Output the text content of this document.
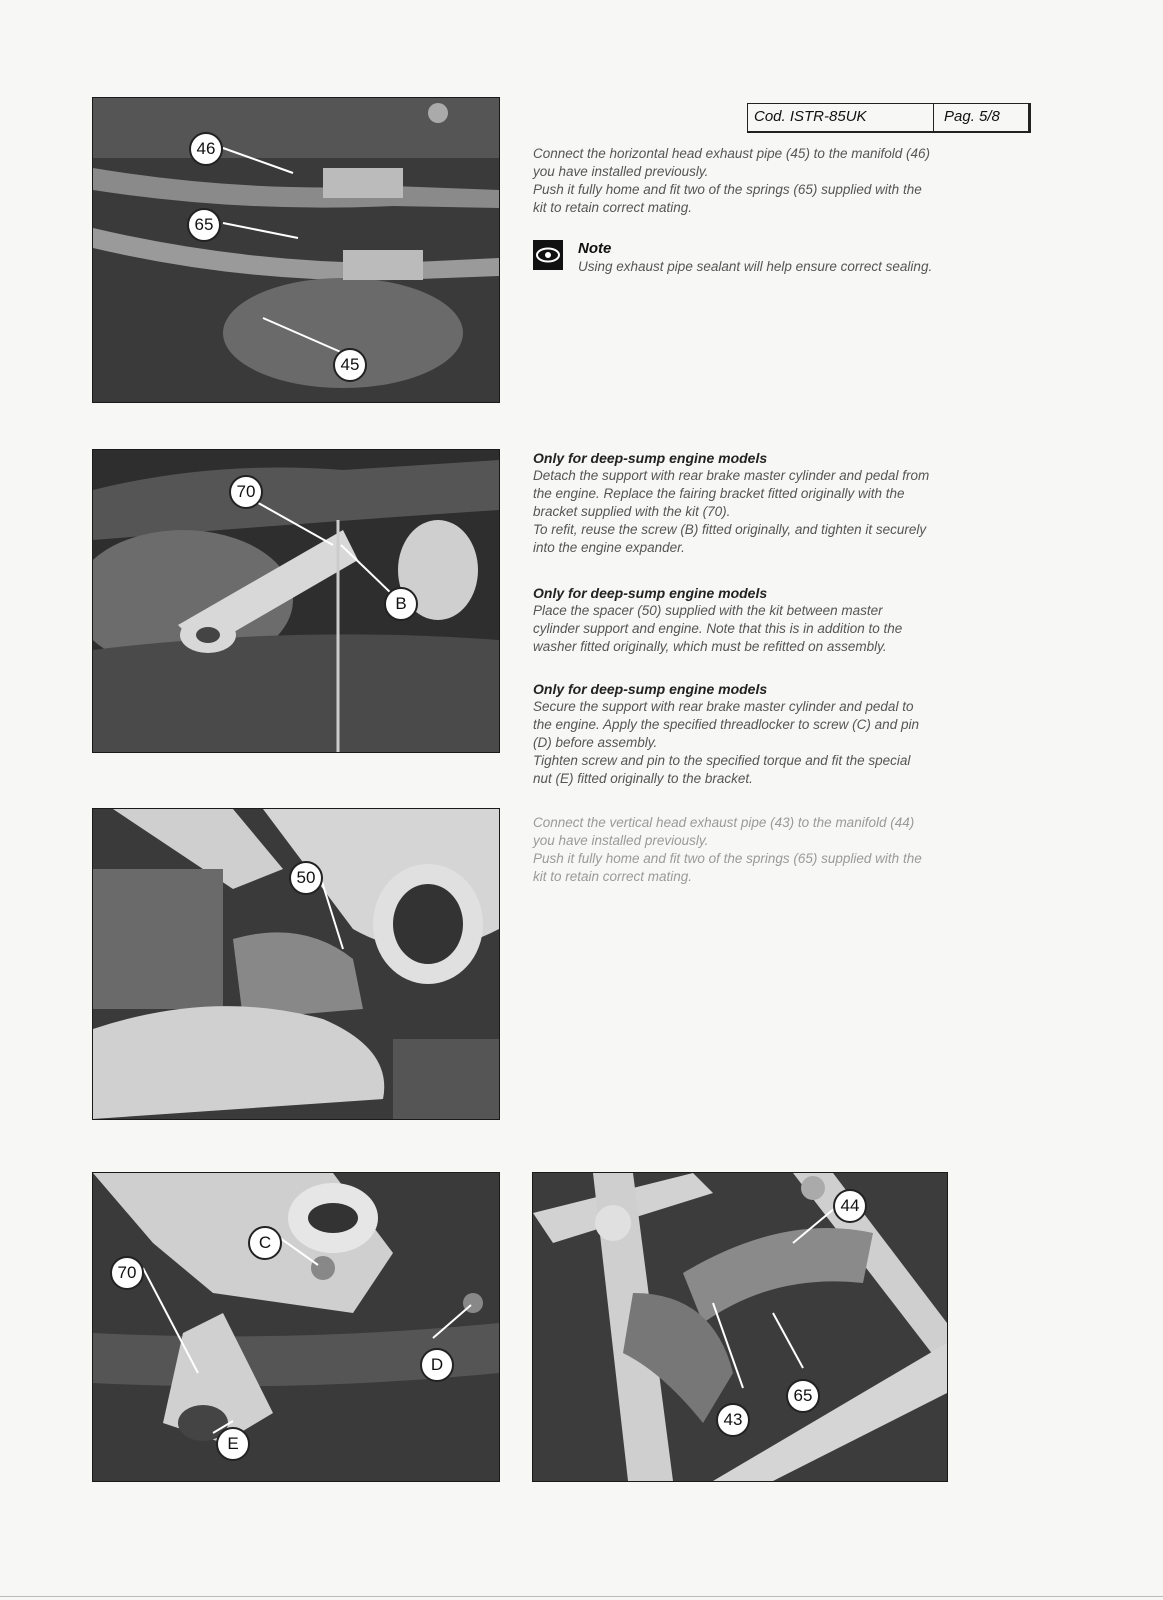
Cod. ISTR-85UK	Pag. 5/8
46
65
45

Connect the horizontal head exhaust pipe (45) to the manifold (46)

you have installed previously.

Push it fully home and fit two of the springs (65) supplied with the

kit to retain correct mating.

Note
Using exhaust pipe sealant will help ensure correct sealing.
70
B

Only for deep-sump engine models

Detach the support with rear brake master cylinder and pedal from

the engine. Replace the fairing bracket fitted originally with the

bracket supplied with the kit (70).

To refit, reuse the screw (B) fitted originally, and tighten it securely

into the engine expander.

Only for deep-sump engine models

Place the spacer (50) supplied with the kit between master

cylinder support and engine. Note that this is in addition to the

washer fitted originally, which must be refitted on assembly.

Only for deep-sump engine models

Secure the support with rear brake master cylinder and pedal to

the engine. Apply the specified threadlocker to screw (C) and pin

(D) before assembly.

Tighten screw and pin to the specified torque and fit the special

nut (E) fitted originally to the bracket.

Connect the vertical head exhaust pipe (43) to the manifold (44)

you have installed previously.

Push it fully home and fit two of the springs (65) supplied with the

kit to retain correct mating.

50
C
70
D
E
44
65
43
